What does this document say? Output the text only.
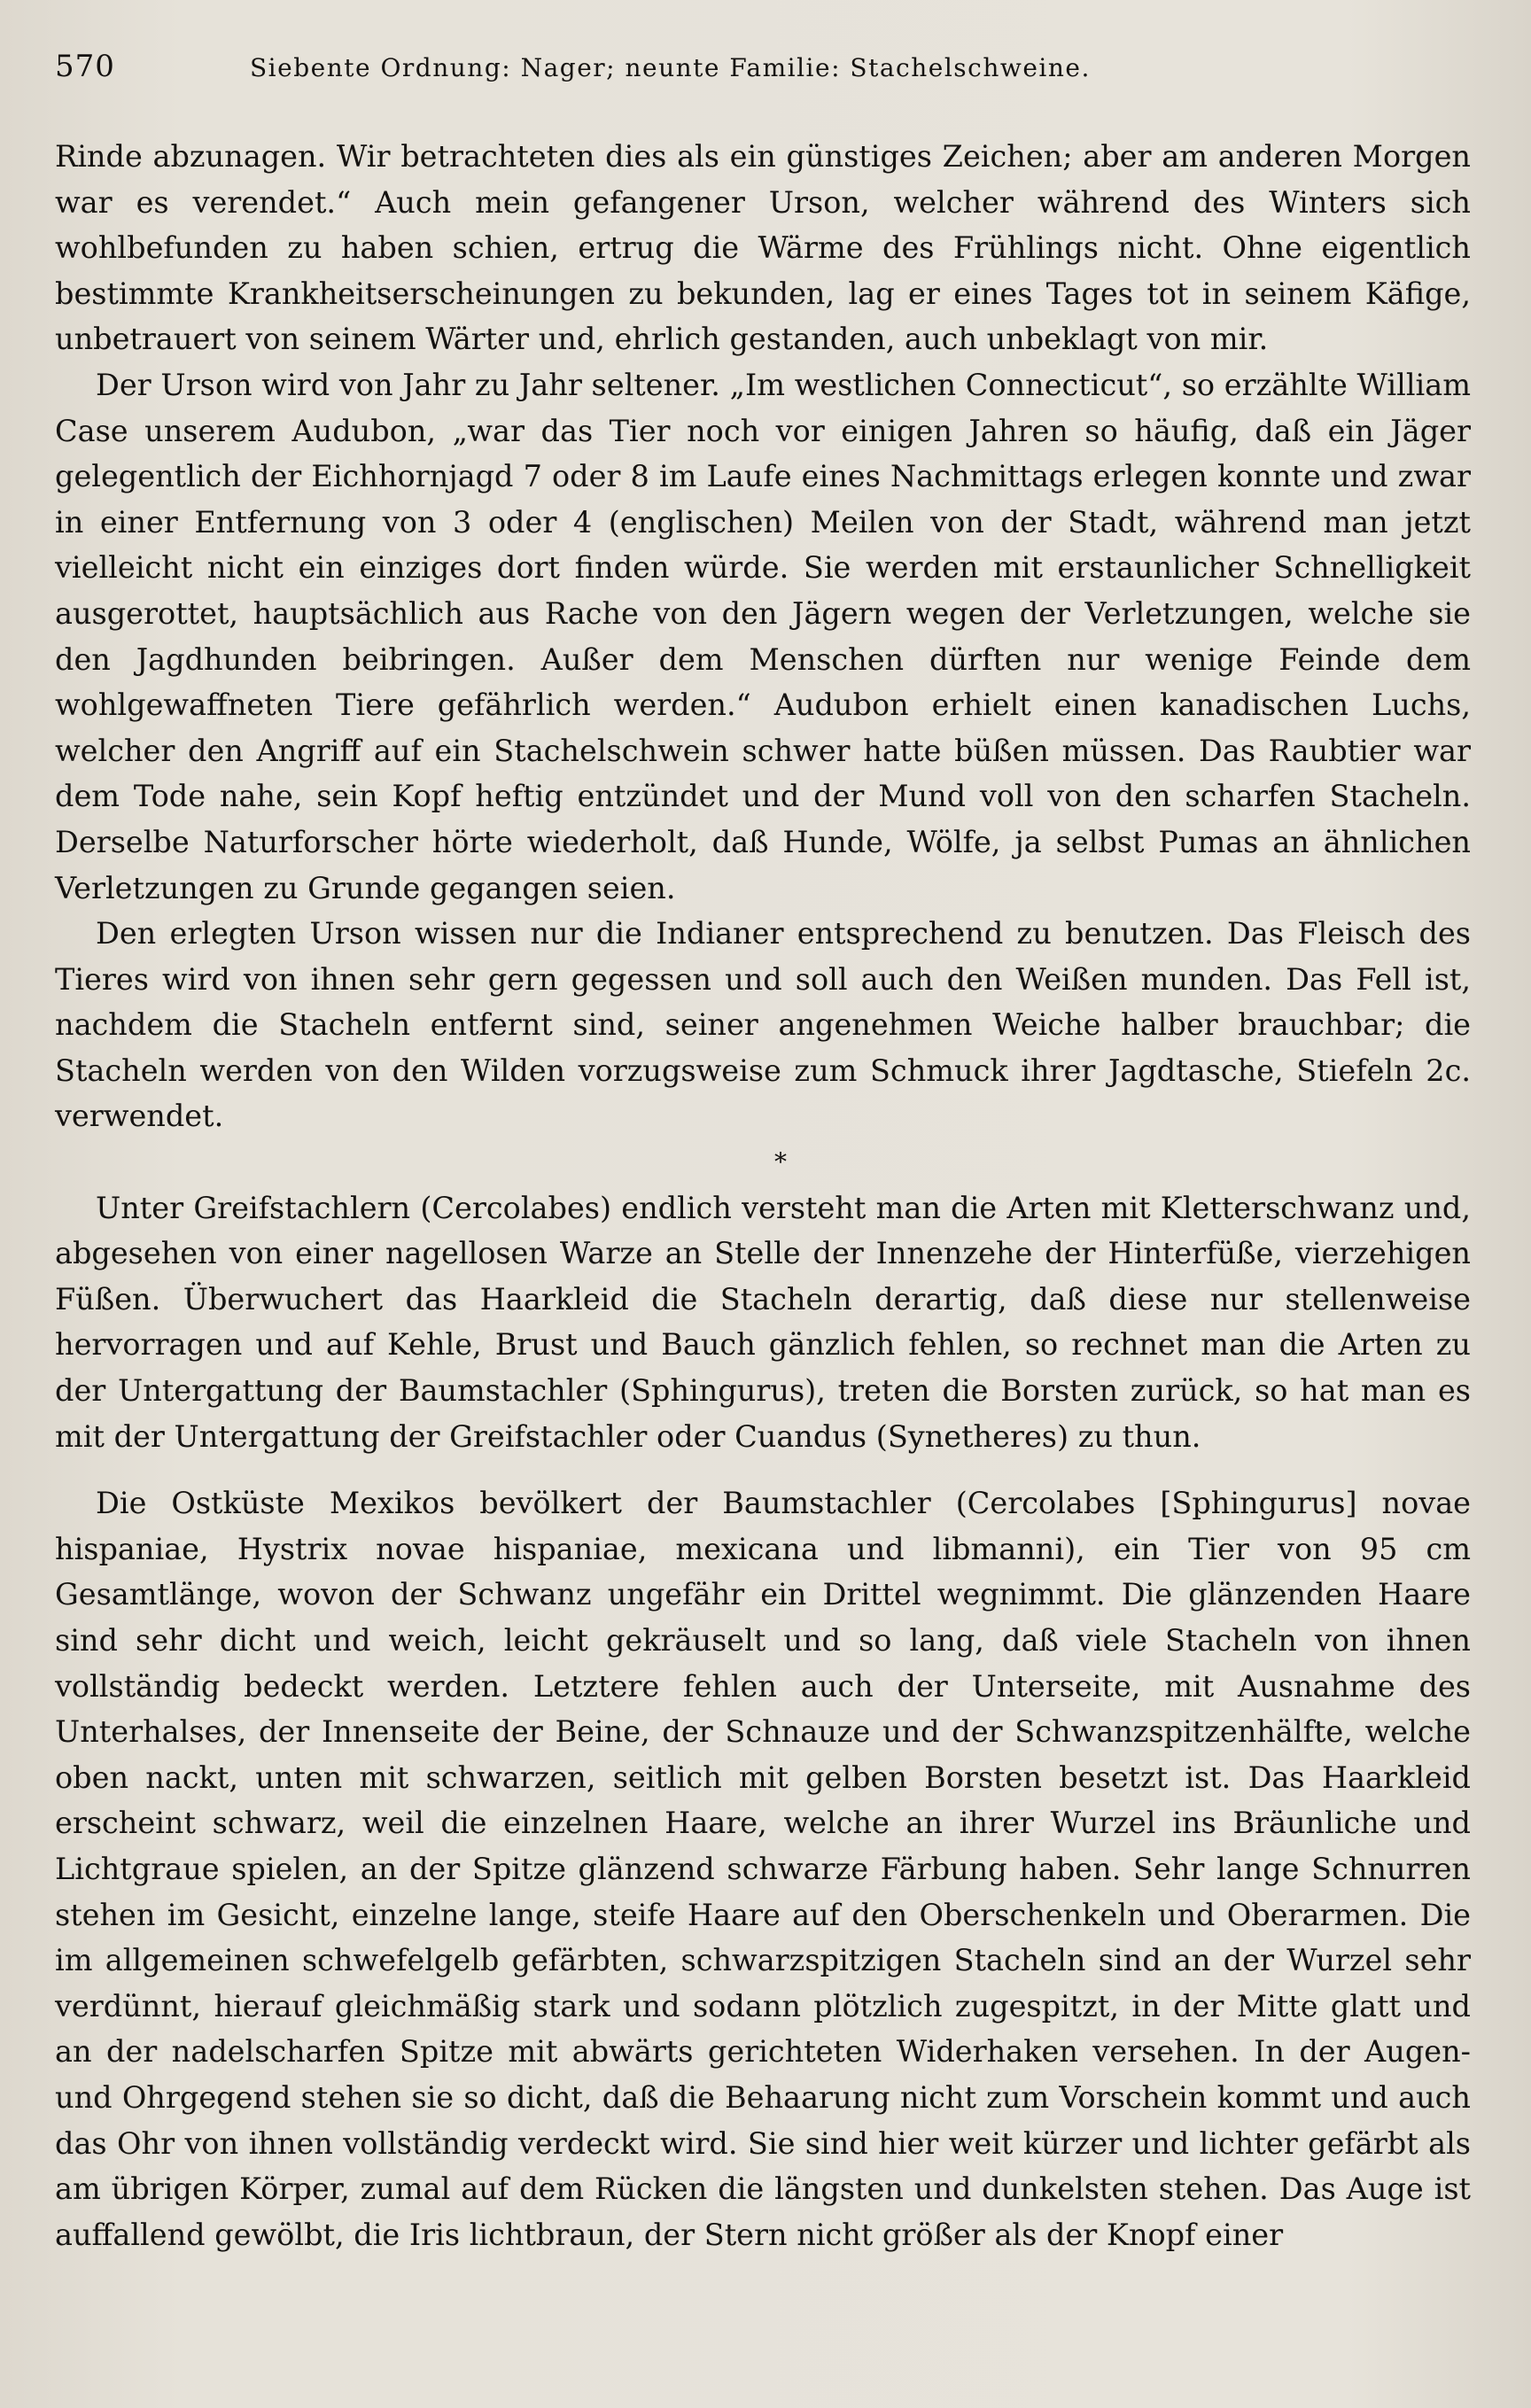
570	Siebente Ordnung: Nager; neunte Familie: Stachelschweine.

Rinde abzunagen. Wir betrachteten dies als ein günstiges Zeichen; aber am anderen Morgen war es verendet.“ Auch mein gefangener Urson, welcher während des Winters sich wohlbefunden zu haben schien, ertrug die Wärme des Frühlings nicht. Ohne eigentlich bestimmte Krankheitserscheinungen zu bekunden, lag er eines Tages tot in seinem Käfige, unbetrauert von seinem Wärter und, ehrlich gestanden, auch unbeklagt von mir.

Der Urson wird von Jahr zu Jahr seltener. „Im westlichen Connecticut“, so erzählte William Case unserem Audubon, „war das Tier noch vor einigen Jahren so häufig, daß ein Jäger gelegentlich der Eichhornjagd 7 oder 8 im Laufe eines Nachmittags erlegen konnte und zwar in einer Entfernung von 3 oder 4 (englischen) Meilen von der Stadt, während man jetzt vielleicht nicht ein einziges dort finden würde. Sie werden mit erstaunlicher Schnelligkeit ausgerottet, hauptsächlich aus Rache von den Jägern wegen der Verletzungen, welche sie den Jagdhunden beibringen. Außer dem Menschen dürften nur wenige Feinde dem wohlgewaffneten Tiere gefährlich werden.“ Audubon erhielt einen kanadischen Luchs, welcher den Angriff auf ein Stachelschwein schwer hatte büßen müssen. Das Raubtier war dem Tode nahe, sein Kopf heftig entzündet und der Mund voll von den scharfen Stacheln. Derselbe Naturforscher hörte wiederholt, daß Hunde, Wölfe, ja selbst Pumas an ähnlichen Verletzungen zu Grunde gegangen seien.

Den erlegten Urson wissen nur die Indianer entsprechend zu benutzen. Das Fleisch des Tieres wird von ihnen sehr gern gegessen und soll auch den Weißen munden. Das Fell ist, nachdem die Stacheln entfernt sind, seiner angenehmen Weiche halber brauchbar; die Stacheln werden von den Wilden vorzugsweise zum Schmuck ihrer Jagdtasche, Stiefeln 2c. verwendet.

*

Unter Greifstachlern (Cercolabes) endlich versteht man die Arten mit Kletterschwanz und, abgesehen von einer nagellosen Warze an Stelle der Innenzehe der Hinterfüße, vierzehigen Füßen. Überwuchert das Haarkleid die Stacheln derartig, daß diese nur stellenweise hervorragen und auf Kehle, Brust und Bauch gänzlich fehlen, so rechnet man die Arten zu der Untergattung der Baumstachler (Sphingurus), treten die Borsten zurück, so hat man es mit der Untergattung der Greifstachler oder Cuandus (Synetheres) zu thun.

Die Ostküste Mexikos bevölkert der Baumstachler (Cercolabes [Sphingurus] novae hispaniae, Hystrix novae hispaniae, mexicana und libmanni), ein Tier von 95 cm Gesamtlänge, wovon der Schwanz ungefähr ein Drittel wegnimmt. Die glänzenden Haare sind sehr dicht und weich, leicht gekräuselt und so lang, daß viele Stacheln von ihnen vollständig bedeckt werden. Letztere fehlen auch der Unterseite, mit Ausnahme des Unterhalses, der Innenseite der Beine, der Schnauze und der Schwanzspitzenhälfte, welche oben nackt, unten mit schwarzen, seitlich mit gelben Borsten besetzt ist. Das Haarkleid erscheint schwarz, weil die einzelnen Haare, welche an ihrer Wurzel ins Bräunliche und Lichtgraue spielen, an der Spitze glänzend schwarze Färbung haben. Sehr lange Schnurren stehen im Gesicht, einzelne lange, steife Haare auf den Oberschenkeln und Oberarmen. Die im allgemeinen schwefelgelb gefärbten, schwarzspitzigen Stacheln sind an der Wurzel sehr verdünnt, hierauf gleichmäßig stark und sodann plötzlich zugespitzt, in der Mitte glatt und an der nadelscharfen Spitze mit abwärts gerichteten Widerhaken versehen. In der Augen- und Ohrgegend stehen sie so dicht, daß die Behaarung nicht zum Vorschein kommt und auch das Ohr von ihnen vollständig verdeckt wird. Sie sind hier weit kürzer und lichter gefärbt als am übrigen Körper, zumal auf dem Rücken die längsten und dunkelsten stehen. Das Auge ist auffallend gewölbt, die Iris lichtbraun, der Stern nicht größer als der Knopf einer
